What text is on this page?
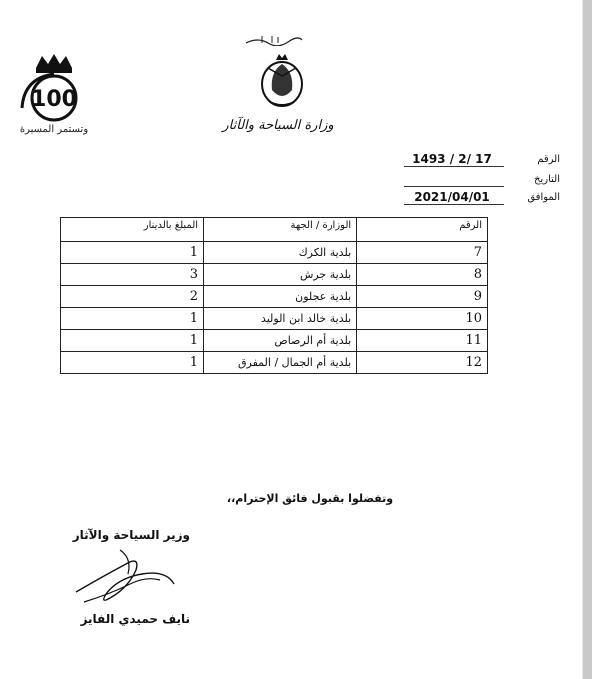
100
وتستمر المسيرة	وزارة السياحة والآثار
الرقم
1493 / 2/ 17
التاريخ
الموافق
2021/04/01
الرقم	الوزارة / الجهة	المبلغ بالدينار
7	بلدية الكرك	1
8	بلدية جرش	3
9	بلدية عجلون	2
10	بلدية خالد ابن الوليد	1
11	بلدية أم الرصاص	1
12	بلدية أم الجمال / المفرق	1
وتفضلوا بقبول فائق الإحترام،،
وزير السياحة والآثار
نايف حميدي الفايز
